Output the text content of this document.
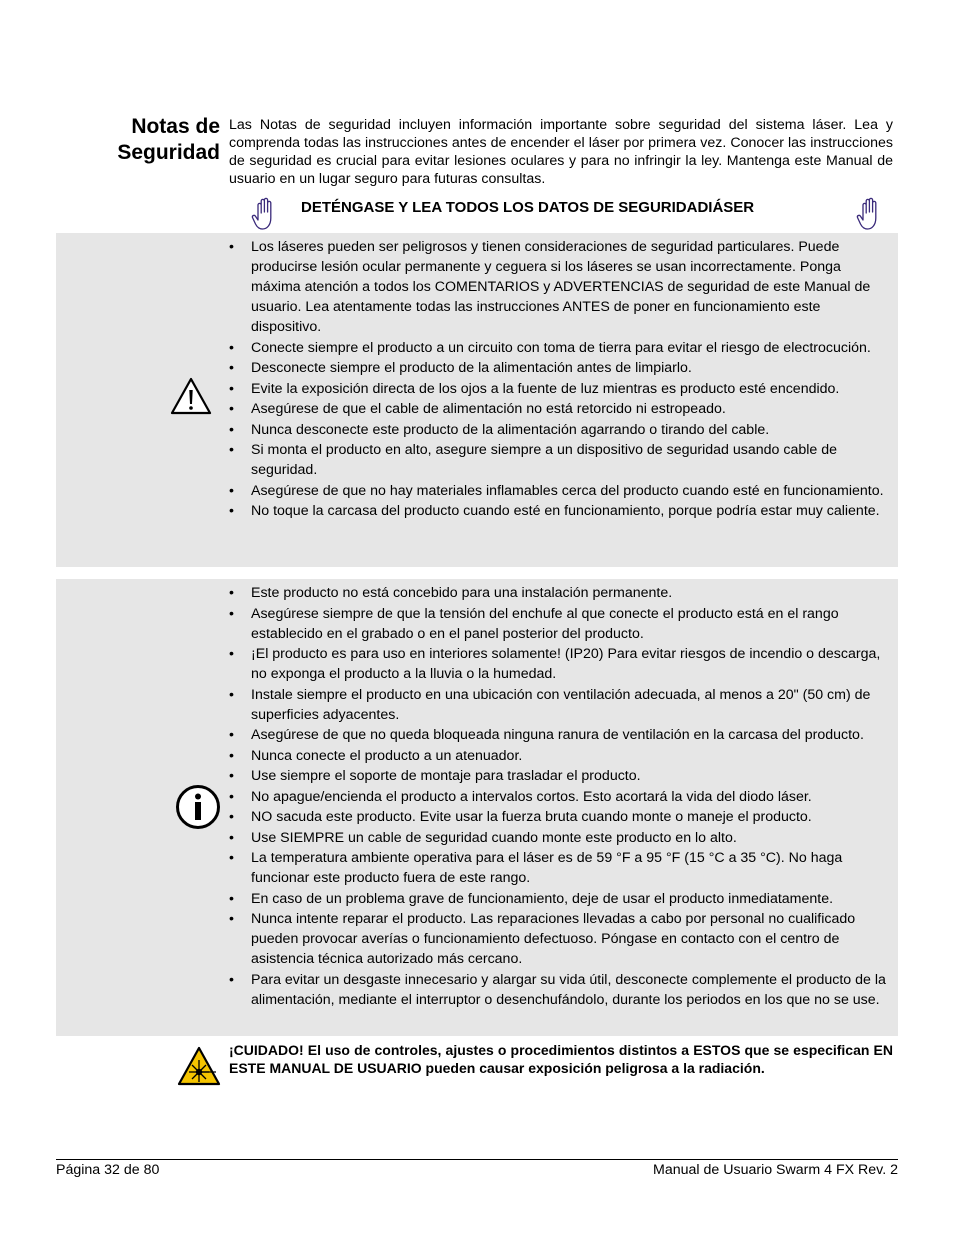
Notas de
Seguridad
Las Notas de seguridad incluyen información importante sobre seguridad del sistema láser. Lea y comprenda todas las instrucciones antes de encender el láser por primera vez. Conocer las instrucciones de seguridad es crucial para evitar lesiones oculares y para no infringir la ley. Mantenga este Manual de usuario en un lugar seguro para futuras consultas.
DETÉNGASE Y LEA TODOS LOS DATOS DE SEGURIDADIÁSER
• Los láseres pueden ser peligrosos y tienen consideraciones de seguridad particulares. Puede producirse lesión ocular permanente y ceguera si los láseres se usan incorrectamente. Ponga máxima atención a todos los COMENTARIOS y ADVERTENCIAS de seguridad de este Manual de usuario. Lea atentamente todas las instrucciones ANTES de poner en funcionamiento este dispositivo.
• Conecte siempre el producto a un circuito con toma de tierra para evitar el riesgo de electrocución.
• Desconecte siempre el producto de la alimentación antes de limpiarlo.
• Evite la exposición directa de los ojos a la fuente de luz mientras es producto esté encendido.
• Asegúrese de que el cable de alimentación no está retorcido ni estropeado.
• Nunca desconecte este producto de la alimentación agarrando o tirando del cable.
• Si monta el producto en alto, asegure siempre a un dispositivo de seguridad usando cable de seguridad.
• Asegúrese de que no hay materiales inflamables cerca del producto cuando esté en funcionamiento.
• No toque la carcasa del producto cuando esté en funcionamiento, porque podría estar muy caliente.
• Este producto no está concebido para una instalación permanente.
• Asegúrese siempre de que la tensión del enchufe al que conecte el producto está en el rango establecido en el grabado o en el panel posterior del producto.
• ¡El producto es para uso en interiores solamente! (IP20) Para evitar riesgos de incendio o descarga, no exponga el producto a la lluvia o la humedad.
• Instale siempre el producto en una ubicación con ventilación adecuada, al menos a 20" (50 cm) de superficies adyacentes.
• Asegúrese de que no queda bloqueada ninguna ranura de ventilación en la carcasa del producto.
• Nunca conecte el producto a un atenuador.
• Use siempre el soporte de montaje para trasladar el producto.
• No apague/encienda el producto a intervalos cortos. Esto acortará la vida del diodo láser.
• NO sacuda este producto. Evite usar la fuerza bruta cuando monte o maneje el producto.
• Use SIEMPRE un cable de seguridad cuando monte este producto en lo alto.
• La temperatura ambiente operativa para el láser es de 59 °F a 95 °F (15 °C a 35 °C). No haga funcionar este producto fuera de este rango.
• En caso de un problema grave de funcionamiento, deje de usar el producto inmediatamente.
• Nunca intente reparar el producto. Las reparaciones llevadas a cabo por personal no cualificado pueden provocar averías o funcionamiento defectuoso. Póngase en contacto con el centro de asistencia técnica autorizado más cercano.
• Para evitar un desgaste innecesario y alargar su vida útil, desconecte complemente el producto de la alimentación, mediante el interruptor o desenchufándolo, durante los periodos en los que no se use.
¡CUIDADO! El uso de controles, ajustes o procedimientos distintos a ESTOS que se especifican EN ESTE MANUAL DE USUARIO pueden causar exposición peligrosa a la radiación.
Página 32 de 80	Manual de Usuario Swarm 4 FX Rev. 2
